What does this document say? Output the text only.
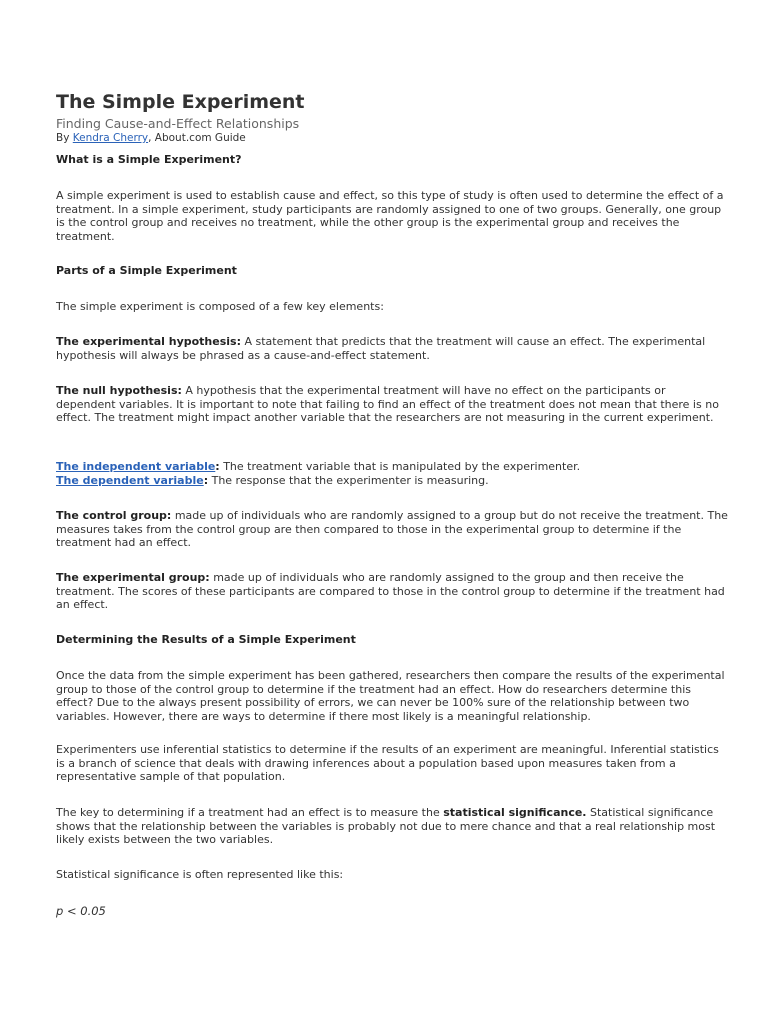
The Simple Experiment

Finding Cause-and-Effect Relationships

By Kendra Cherry, About.com Guide

What is a Simple Experiment?

A simple experiment is used to establish cause and effect, so this type of study is often used to determine the effect of a treatment. In a simple experiment, study participants are randomly assigned to one of two groups. Generally, one group is the control group and receives no treatment, while the other group is the experimental group and receives the treatment.

Parts of a Simple Experiment

The simple experiment is composed of a few key elements:

The experimental hypothesis: A statement that predicts that the treatment will cause an effect. The experimental hypothesis will always be phrased as a cause-and-effect statement.

The null hypothesis: A hypothesis that the experimental treatment will have no effect on the participants or dependent variables. It is important to note that failing to find an effect of the treatment does not mean that there is no effect. The treatment might impact another variable that the researchers are not measuring in the current experiment.

The independent variable: The treatment variable that is manipulated by the experimenter.

The dependent variable: The response that the experimenter is measuring.

The control group: made up of individuals who are randomly assigned to a group but do not receive the treatment. The measures takes from the control group are then compared to those in the experimental group to determine if the treatment had an effect.

The experimental group: made up of individuals who are randomly assigned to the group and then receive the treatment. The scores of these participants are compared to those in the control group to determine if the treatment had an effect.

Determining the Results of a Simple Experiment

Once the data from the simple experiment has been gathered, researchers then compare the results of the experimental group to those of the control group to determine if the treatment had an effect. How do researchers determine this effect? Due to the always present possibility of errors, we can never be 100% sure of the relationship between two variables. However, there are ways to determine if there most likely is a meaningful relationship.

Experimenters use inferential statistics to determine if the results of an experiment are meaningful. Inferential statistics is a branch of science that deals with drawing inferences about a population based upon measures taken from a representative sample of that population.

The key to determining if a treatment had an effect is to measure the statistical significance. Statistical significance shows that the relationship between the variables is probably not due to mere chance and that a real relationship most likely exists between the two variables.

Statistical significance is often represented like this:

p < 0.05
